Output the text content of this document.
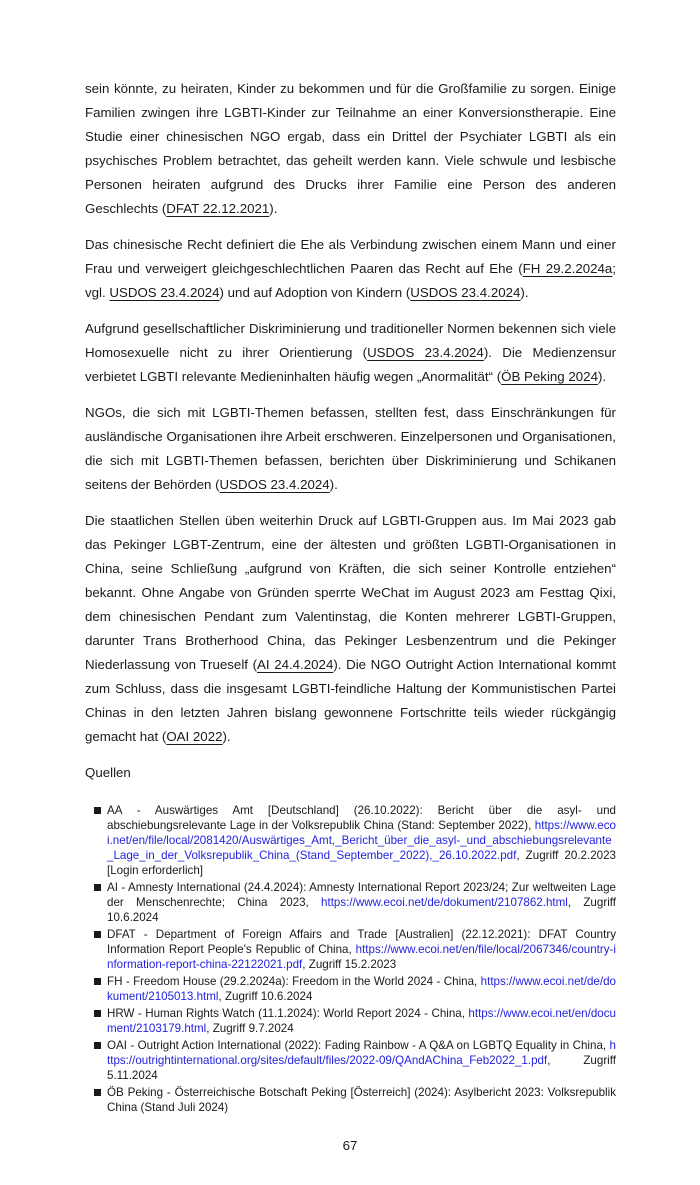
sein könnte, zu heiraten, Kinder zu bekommen und für die Großfamilie zu sorgen. Einige Familien zwingen ihre LGBTI-Kinder zur Teilnahme an einer Konversionstherapie. Eine Studie einer chinesischen NGO ergab, dass ein Drittel der Psychiater LGBTI als ein psychisches Problem betrachtet, das geheilt werden kann. Viele schwule und lesbische Personen heiraten aufgrund des Drucks ihrer Familie eine Person des anderen Geschlechts (DFAT 22.12.2021).

Das chinesische Recht definiert die Ehe als Verbindung zwischen einem Mann und einer Frau und verweigert gleichgeschlechtlichen Paaren das Recht auf Ehe (FH 29.2.2024a; vgl. USDOS 23.4.2024) und auf Adoption von Kindern (USDOS 23.4.2024).

Aufgrund gesellschaftlicher Diskriminierung und traditioneller Normen bekennen sich viele Homosexuelle nicht zu ihrer Orientierung (USDOS 23.4.2024). Die Medienzensur verbietet LGBTI relevante Medieninhalten häufig wegen „Anormalität“ (ÖB Peking 2024).

NGOs, die sich mit LGBTI-Themen befassen, stellten fest, dass Einschränkungen für ausländische Organisationen ihre Arbeit erschweren. Einzelpersonen und Organisationen, die sich mit LGBTI-Themen befassen, berichten über Diskriminierung und Schikanen seitens der Behörden (USDOS 23.4.2024).

Die staatlichen Stellen üben weiterhin Druck auf LGBTI-Gruppen aus. Im Mai 2023 gab das Pekinger LGBT-Zentrum, eine der ältesten und größten LGBTI-Organisationen in China, seine Schließung „aufgrund von Kräften, die sich seiner Kontrolle entziehen“ bekannt. Ohne Angabe von Gründen sperrte WeChat im August 2023 am Festtag Qixi, dem chinesischen Pendant zum Valentinstag, die Konten mehrerer LGBTI-Gruppen, darunter Trans Brotherhood China, das Pekinger Lesbenzentrum und die Pekinger Niederlassung von Trueself (AI 24.4.2024). Die NGO Outright Action International kommt zum Schluss, dass die insgesamt LGBTI-feindliche Haltung der Kommunistischen Partei Chinas in den letzten Jahren bislang gewonnene Fortschritte teils wieder rückgängig gemacht hat (OAI 2022).

Quellen
AA - Auswärtiges Amt [Deutschland] (26.10.2022): Bericht über die asyl- und abschiebungsrelevante Lage in der Volksrepublik China (Stand: September 2022), https://www.ecoi.net/en/file/local/2081420/Auswärtiges_Amt,_Bericht_über_die_asyl-_und_abschiebungsrelevante_Lage_in_der_Volksrepublik_China_(Stand_September_2022),_26.10.2022.pdf, Zugriff 20.2.2023 [Login erforderlich]
AI - Amnesty International (24.4.2024): Amnesty International Report 2023/24; Zur weltweiten Lage der Menschenrechte; China 2023, https://www.ecoi.net/de/dokument/2107862.html, Zugriff 10.6.2024
DFAT - Department of Foreign Affairs and Trade [Australien] (22.12.2021): DFAT Country Information Report People's Republic of China, https://www.ecoi.net/en/file/local/2067346/country-information-report-china-22122021.pdf, Zugriff 15.2.2023
FH - Freedom House (29.2.2024a): Freedom in the World 2024 - China, https://www.ecoi.net/de/dokument/2105013.html, Zugriff 10.6.2024
HRW - Human Rights Watch (11.1.2024): World Report 2024 - China, https://www.ecoi.net/en/document/2103179.html, Zugriff 9.7.2024
OAI - Outright Action International (2022): Fading Rainbow - A Q&A on LGBTQ Equality in China, https://outrightinternational.org/sites/default/files/2022-09/QAndAChina_Feb2022_1.pdf, Zugriff 5.11.2024
ÖB Peking - Österreichische Botschaft Peking [Österreich] (2024): Asylbericht 2023: Volksrepublik China (Stand Juli 2024)
67
